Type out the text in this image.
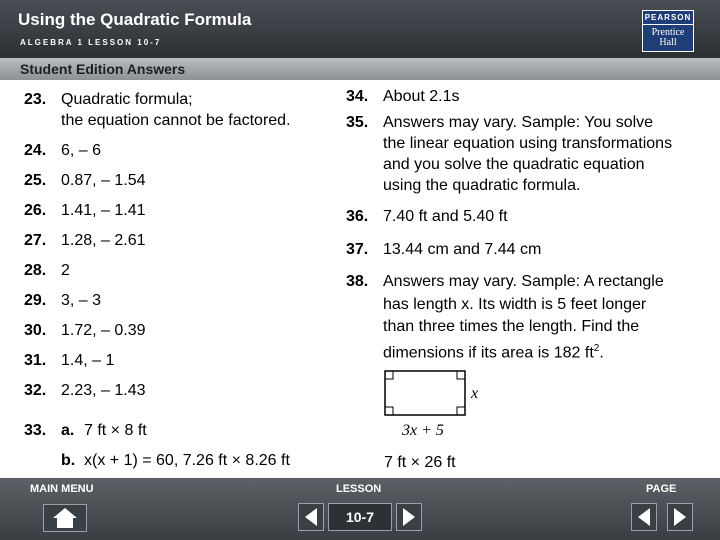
Using the Quadratic Formula
ALGEBRA 1 LESSON 10-7
PEARSON
Prentice
Hall
Student Edition Answers
23. Quadratic formula;
the equation cannot be factored.
24. 6, – 6
25. 0.87, – 1.54
26. 1.41, – 1.41
27. 1.28, – 2.61
28. 2
29. 3, – 3
30. 1.72, – 0.39
31. 1.4, – 1
32. 2.23, – 1.43
33. a. 7 ft × 8 ft
b. x(x + 1) = 60, 7.26 ft × 8.26 ft
34. About 2.1s
35. Answers may vary. Sample: You solve
the linear equation using transformations
and you solve the quadratic equation
using the quadratic formula.
36. 7.40 ft and 5.40 ft
37. 13.44 cm and 7.44 cm
38. Answers may vary. Sample: A rectangle
has length x. Its width is 5 feet longer
than three times the length. Find the
dimensions if its area is 182 $ft^2$.
x
3x + 5
7 ft × 26 ft
MAIN MENU	LESSON	PAGE
10-7
